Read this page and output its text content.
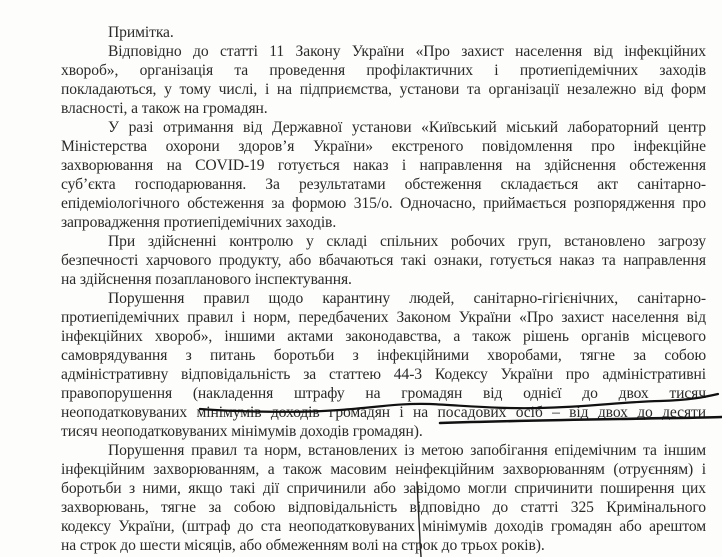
Примітка.
Відповідно до статті 11 Закону України «Про захист населення від інфекційних
хвороб», організація та проведення профілактичних і протиепідемічних заходів
покладаються, у тому числі, і на підприємства, установи та організації незалежно від форм
власності, а також на громадян.
У разі отримання від Державної установи «Київський міський лабораторний центр
Міністерства охорони здоров’я України» екстреного повідомлення про інфекційне
захворювання на COVID-19 готується наказ і направлення на здійснення обстеження
суб’єкта господарювання. За результатами обстеження складається акт санітарно-
епідеміологічного обстеження за формою 315/о. Одночасно, приймається розпорядження про
запровадження протиепідемічних заходів.
При здійсненні контролю у складі спільних робочих груп, встановлено загрозу
безпечності харчового продукту, або вбачаються такі ознаки, готується наказ та направлення
на здійснення позапланового інспектування.
Порушення правил щодо карантину людей, санітарно-гігієнічних, санітарно-
протиепідемічних правил і норм, передбачених Законом України «Про захист населення від
інфекційних хвороб», іншими актами законодавства, а також рішень органів місцевого
самоврядування з питань боротьби з інфекційними хворобами, тягне за собою
адміністративну відповідальність за статтею 44-3 Кодексу України про адміністративні
правопорушення (накладення штрафу на громадян від однієї до двох тисяч
неоподатковуваних мінімумів доходів громадян і на посадових осіб – від двох до десяти
тисяч неоподатковуваних мінімумів доходів громадян).
Порушення правил та норм, встановлених із метою запобігання епідемічним та іншим
інфекційним захворюванням, а також масовим неінфекційним захворюванням (отруєнням) і
боротьби з ними, якщо такі дії спричинили або завідомо могли спричинити поширення цих
захворювань, тягне за собою відповідальність відповідно до статті 325 Кримінального
кодексу України, (штраф до ста неоподатковуваних мінімумів доходів громадян або арештом
на строк до шести місяців, або обмеженням волі на строк до трьох років).
